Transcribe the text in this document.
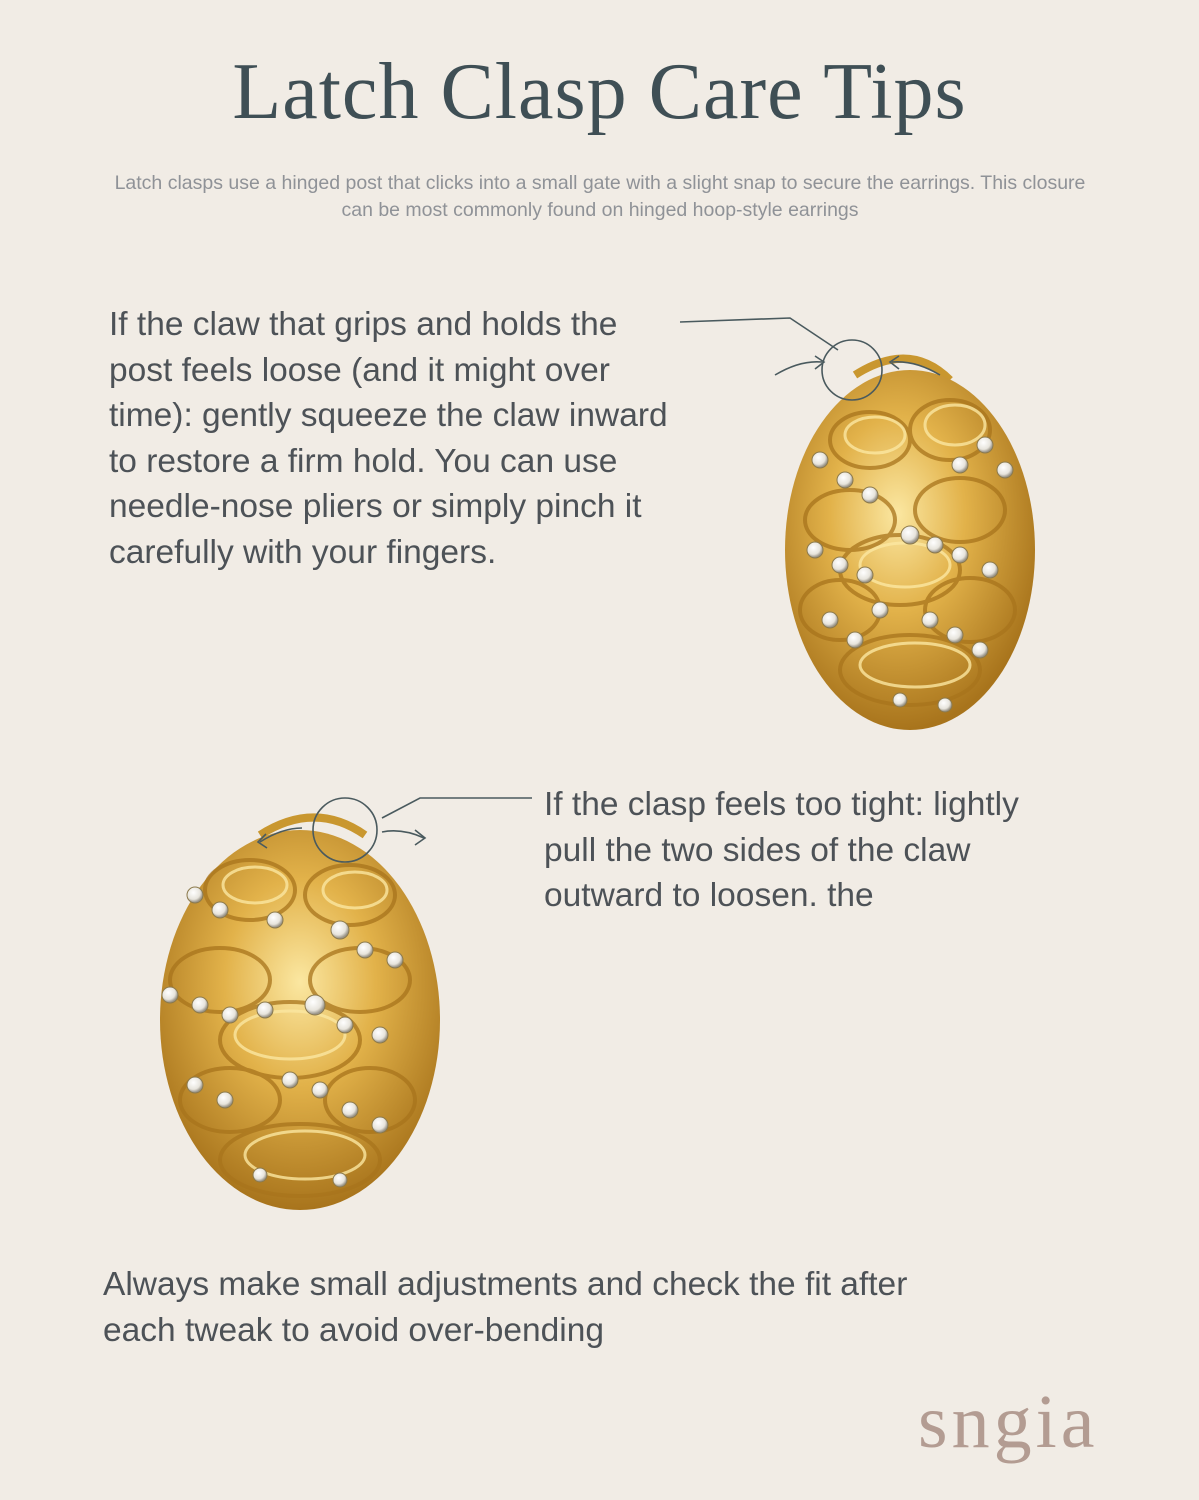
Latch Clasp Care Tips
Latch clasps use a hinged post that clicks into a small gate with a slight snap to secure the earrings. This closure can be most commonly found on hinged hoop-style earrings
If the claw that grips and holds the post feels loose (and it might over time): gently squeeze the claw inward to restore a firm hold. You can use needle-nose pliers or simply pinch it carefully with your fingers.
If the clasp feels too tight: lightly pull the two sides of the claw outward to loosen. the
Always make small adjustments and check the fit after each tweak to avoid over-bending
sngia
